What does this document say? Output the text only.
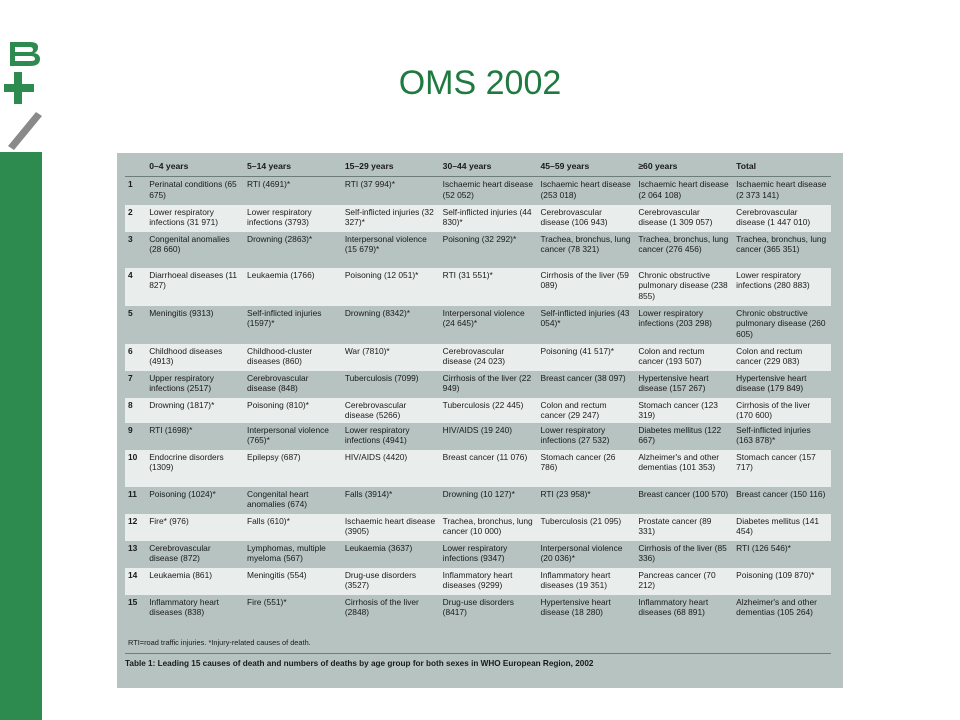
OMS 2002
	0–4 years	5–14 years	15–29 years	30–44 years	45–59 years	≥60 years	Total
1	Perinatal conditions (65 675)	RTI (4691)*	RTI (37 994)*	Ischaemic heart disease (52 052)	Ischaemic heart disease (253 018)	Ischaemic heart disease (2 064 108)	Ischaemic heart disease (2 373 141)
2	Lower respiratory infections (31 971)	Lower respiratory infections (3793)	Self-inflicted injuries (32 327)*	Self-inflicted injuries (44 830)*	Cerebrovascular disease (106 943)	Cerebrovascular disease (1 309 057)	Cerebrovascular disease (1 447 010)
3	Congenital anomalies (28 660)	Drowning (2863)*	Interpersonal violence (15 679)*	Poisoning (32 292)*	Trachea, bronchus, lung cancer (78 321)	Trachea, bronchus, lung cancer (276 456)	Trachea, bronchus, lung cancer (365 351)
4	Diarrhoeal diseases (11 827)	Leukaemia (1766)	Poisoning (12 051)*	RTI (31 551)*	Cirrhosis of the liver (59 089)	Chronic obstructive pulmonary disease (238 855)	Lower respiratory infections (280 883)
5	Meningitis (9313)	Self-inflicted injuries (1597)*	Drowning (8342)*	Interpersonal violence (24 645)*	Self-inflicted injuries (43 054)*	Lower respiratory infections (203 298)	Chronic obstructive pulmonary disease (260 605)
6	Childhood diseases (4913)	Childhood-cluster diseases (860)	War (7810)*	Cerebrovascular disease (24 023)	Poisoning (41 517)*	Colon and rectum cancer (193 507)	Colon and rectum cancer (229 083)
7	Upper respiratory infections (2517)	Cerebrovascular disease (848)	Tuberculosis (7099)	Cirrhosis of the liver (22 949)	Breast cancer (38 097)	Hypertensive heart disease (157 267)	Hypertensive heart disease (179 849)
8	Drowning (1817)*	Poisoning (810)*	Cerebrovascular disease (5266)	Tuberculosis (22 445)	Colon and rectum cancer (29 247)	Stomach cancer (123 319)	Cirrhosis of the liver (170 600)
9	RTI (1698)*	Interpersonal violence (765)*	Lower respiratory infections (4941)	HIV/AIDS (19 240)	Lower respiratory infections (27 532)	Diabetes mellitus (122 667)	Self-inflicted injuries (163 878)*
10	Endocrine disorders (1309)	Epilepsy (687)	HIV/AIDS (4420)	Breast cancer (11 076)	Stomach cancer (26 786)	Alzheimer's and other dementias (101 353)	Stomach cancer (157 717)
11	Poisoning (1024)*	Congenital heart anomalies (674)	Falls (3914)*	Drowning (10 127)*	RTI (23 958)*	Breast cancer (100 570)	Breast cancer (150 116)
12	Fire* (976)	Falls (610)*	Ischaemic heart disease (3905)	Trachea, bronchus, lung cancer (10 000)	Tuberculosis (21 095)	Prostate cancer (89 331)	Diabetes mellitus (141 454)
13	Cerebrovascular disease (872)	Lymphomas, multiple myeloma (567)	Leukaemia (3637)	Lower respiratory infections (9347)	Interpersonal violence (20 036)*	Cirrhosis of the liver (85 336)	RTI (126 546)*
14	Leukaemia (861)	Meningitis (554)	Drug-use disorders (3527)	Inflammatory heart diseases (9299)	Inflammatory heart diseases (19 351)	Pancreas cancer (70 212)	Poisoning (109 870)*
15	Inflammatory heart diseases (838)	Fire (551)*	Cirrhosis of the liver (2848)	Drug-use disorders (8417)	Hypertensive heart disease (18 280)	Inflammatory heart diseases (68 891)	Alzheimer's and other dementias (105 264)
RTI=road traffic injuries. *Injury-related causes of death.
Table 1: Leading 15 causes of death and numbers of deaths by age group for both sexes in WHO European Region, 2002
